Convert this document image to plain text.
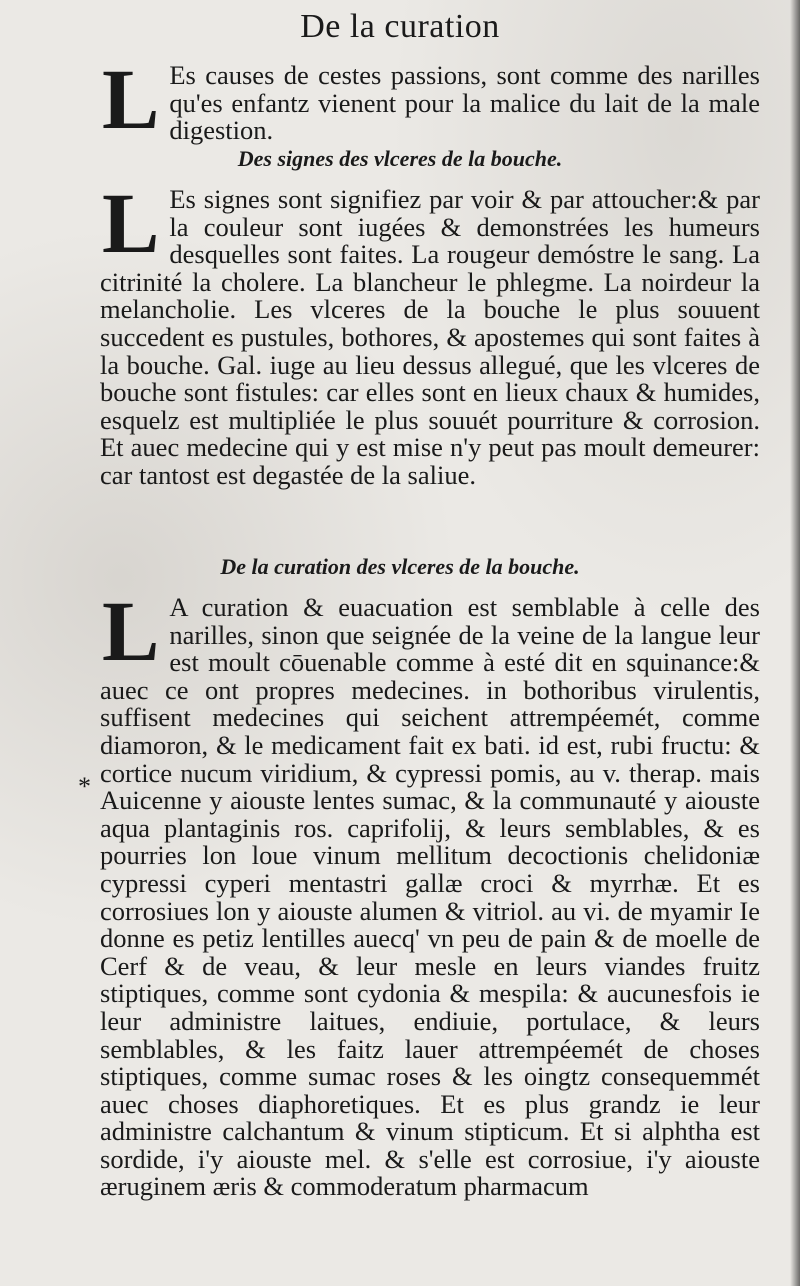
De la curation
L Es causes de cestes passions, sont comme des narilles qu'es enfantz vienent pour la malice du lait de la male digestion.
Des signes des vlceres de la bouche.
L Es signes sont signifiez par voir & par attoucher:& par la couleur sont iugées & demonstrées les humeurs desquelles sont faites. La rougeur demóstre le sang. La citrinité la cholere. La blancheur le phlegme. La noirdeur la melancholie. Les vlceres de la bouche le plus souuent succedent es pustules, bothores, & apostemes qui sont faites à la bouche. Gal. iuge au lieu dessus allegué, que les vlceres de bouche sont fistules: car elles sont en lieux chaux & humides, esquelz est multipliée le plus souuét pourriture & corrosion. Et auec medecine qui y est mise n'y peut pas moult demeurer: car tantost est degastée de la saliue.
De la curation des vlceres de la bouche.
*
L A curation & euacuation est semblable à celle des narilles, sinon que seignée de la veine de la langue leur est moult cōuenable comme à esté dit en squinance:& auec ce ont propres medecines. in bothoribus virulentis, suffisent medecines qui seichent attrempéemét, comme diamoron, & le medicament fait ex bati. id est, rubi fructu: & cortice nucum viridium, & cypressi pomis, au v. therap. mais Auicenne y aiouste lentes sumac, & la communauté y aiouste aqua plantaginis ros. caprifolij, & leurs semblables, & es pourries lon loue vinum mellitum decoctionis chelidoniæ cypressi cyperi mentastri gallæ croci & myrrhæ. Et es corrosiues lon y aiouste alumen & vitriol. au vi. de myamir Ie donne es petiz lentilles auecq' vn peu de pain & de moelle de Cerf & de veau, & leur mesle en leurs viandes fruitz stiptiques, comme sont cydonia & mespila: & aucunesfois ie leur administre laitues, endiuie, portulace, & leurs semblables, & les faitz lauer attrempéemét de choses stiptiques, comme sumac roses & les oingtz consequemmét auec choses diaphoretiques. Et es plus grandz ie leur administre calchantum & vinum stipticum. Et si alphtha est sordide, i'y aiouste mel. & s'elle est corrosiue, i'y aiouste æruginem æris & commoderatum pharmacum
